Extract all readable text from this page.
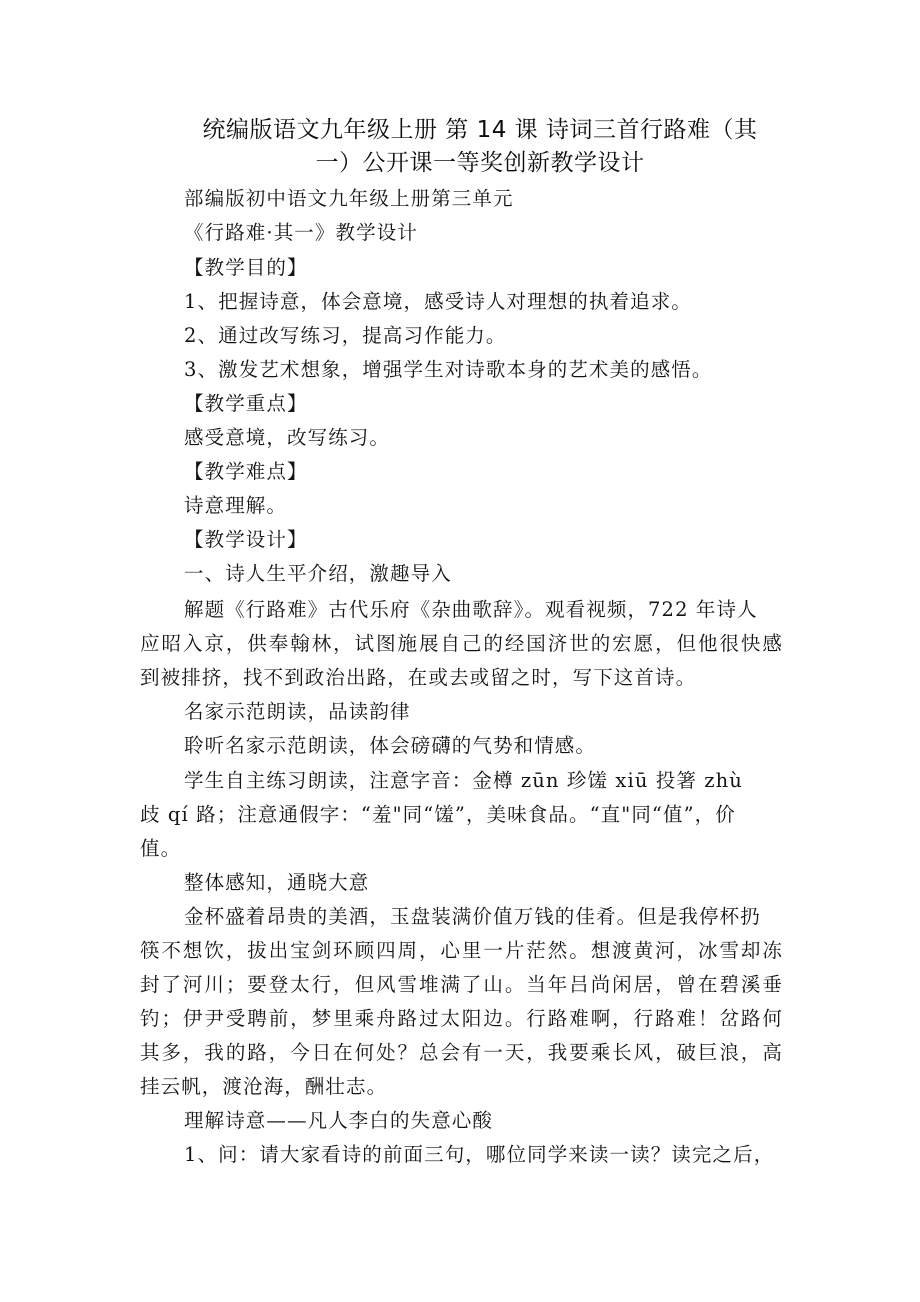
统编版语文九年级上册 第 14 课 诗词三首行路难（其
一）公开课一等奖创新教学设计
部编版初中语文九年级上册第三单元
《行路难·其一》教学设计
【教学目的】
1、把握诗意，体会意境，感受诗人对理想的执着追求。
2、通过改写练习，提高习作能力。
3、激发艺术想象，增强学生对诗歌本身的艺术美的感悟。
【教学重点】
感受意境，改写练习。
【教学难点】
诗意理解。
【教学设计】
一、诗人生平介绍，激趣导入
解题《行路难》古代乐府《杂曲歌辞》。观看视频，722 年诗人
应昭入京，供奉翰林，试图施展自己的经国济世的宏愿，但他很快感
到被排挤，找不到政治出路，在或去或留之时，写下这首诗。
名家示范朗读，品读韵律
聆听名家示范朗读，体会磅礴的气势和情感。
学生自主练习朗读，注意字音：金樽 zūn 珍馐 xiū 投箸 zhù
歧 qí 路；注意通假字：“羞"同“馐”，美味食品。“直"同“值”，价
值。
整体感知，通晓大意
金杯盛着昂贵的美酒，玉盘装满价值万钱的佳肴。但是我停杯扔
筷不想饮，拔出宝剑环顾四周，心里一片茫然。想渡黄河，冰雪却冻
封了河川；要登太行，但风雪堆满了山。当年吕尚闲居，曾在碧溪垂
钓；伊尹受聘前，梦里乘舟路过太阳边。行路难啊，行路难！岔路何
其多，我的路，今日在何处？总会有一天，我要乘长风，破巨浪，高
挂云帆，渡沧海，酬壮志。
理解诗意——凡人李白的失意心酸
1、问：请大家看诗的前面三句，哪位同学来读一读？读完之后，
